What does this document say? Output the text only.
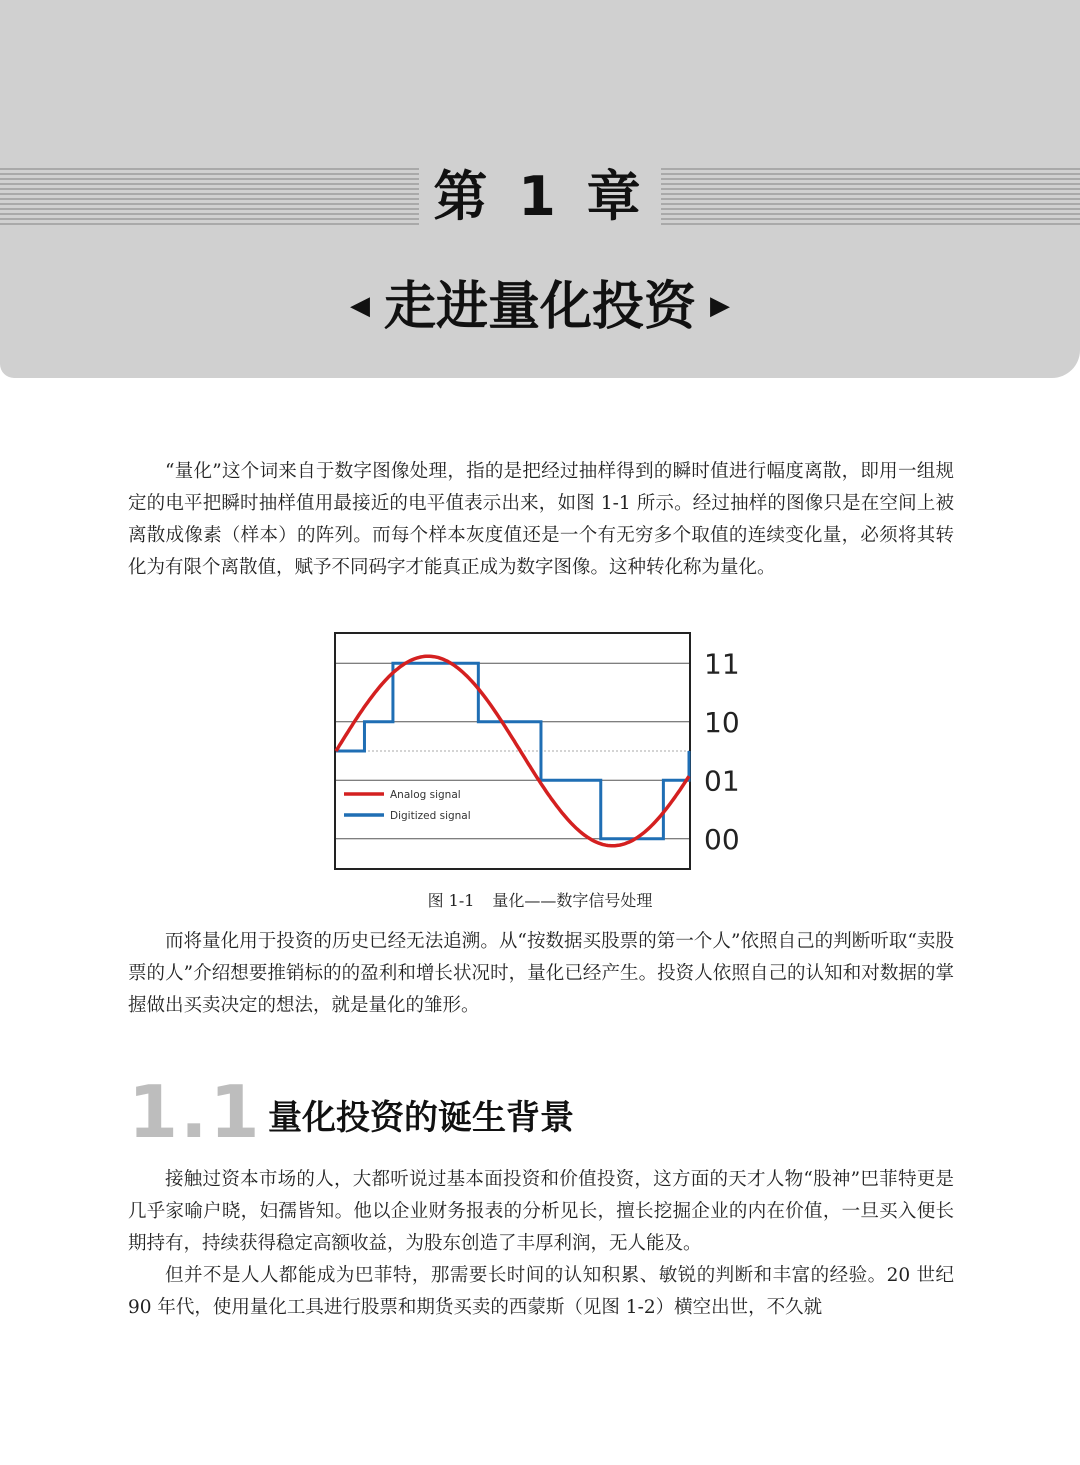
第 1 章
◀ 走进量化投资 ▶

“量化”这个词来自于数字图像处理，指的是把经过抽样得到的瞬时值进行幅度离散，即用一组规定的电平把瞬时抽样值用最接近的电平值表示出来，如图 1-1 所示。经过抽样的图像只是在空间上被离散成像素（样本）的阵列。而每个样本灰度值还是一个有无穷多个取值的连续变化量，必须将其转化为有限个离散值，赋予不同码字才能真正成为数字图像。这种转化称为量化。

00
01
10
11
Analog signal
Digitized signal
图 1-1 量化——数字信号处理

而将量化用于投资的历史已经无法追溯。从“按数据买股票的第一个人”依照自己的判断听取“卖股票的人”介绍想要推销标的的盈利和增长状况时，量化已经产生。投资人依照自己的认知和对数据的掌握做出买卖决定的想法，就是量化的雏形。

1.1 量化投资的诞生背景

接触过资本市场的人，大都听说过基本面投资和价值投资，这方面的天才人物“股神”巴菲特更是几乎家喻户晓，妇孺皆知。他以企业财务报表的分析见长，擅长挖掘企业的内在价值，一旦买入便长期持有，持续获得稳定高额收益，为股东创造了丰厚利润，无人能及。

但并不是人人都能成为巴菲特，那需要长时间的认知积累、敏锐的判断和丰富的经验。20 世纪 90 年代，使用量化工具进行股票和期货买卖的西蒙斯（见图 1-2）横空出世，不久就
